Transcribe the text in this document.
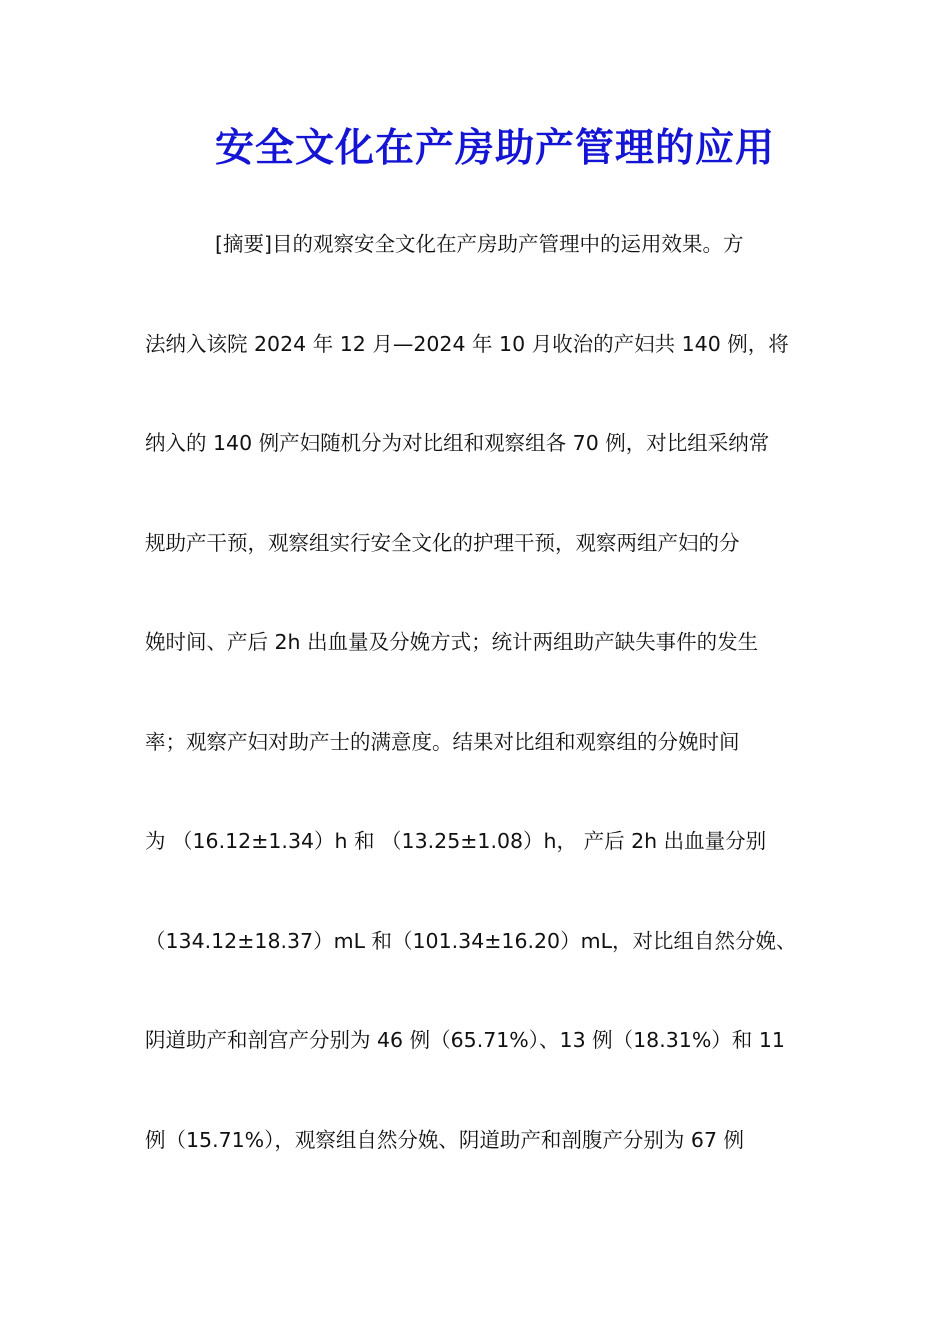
安全文化在产房助产管理的应用
[摘要]目的观察安全文化在产房助产管理中的运用效果。方
法纳入该院 2024 年 12 月—2024 年 10 月收治的产妇共 140 例，将
纳入的 140 例产妇随机分为对比组和观察组各 70 例，对比组采纳常
规助产干预，观察组实行安全文化的护理干预，观察两组产妇的分
娩时间、产后 2h 出血量及分娩方式；统计两组助产缺失事件的发生
率；观察产妇对助产士的满意度。结果对比组和观察组的分娩时间
为 （16.12±1.34）h 和 （13.25±1.08）h， 产后 2h 出血量分别
（134.12±18.37）mL 和（101.34±16.20）mL，对比组自然分娩、
阴道助产和剖宫产分别为 46 例（65.71%）、13 例（18.31%）和 11
例（15.71%），观察组自然分娩、阴道助产和剖腹产分别为 67 例
